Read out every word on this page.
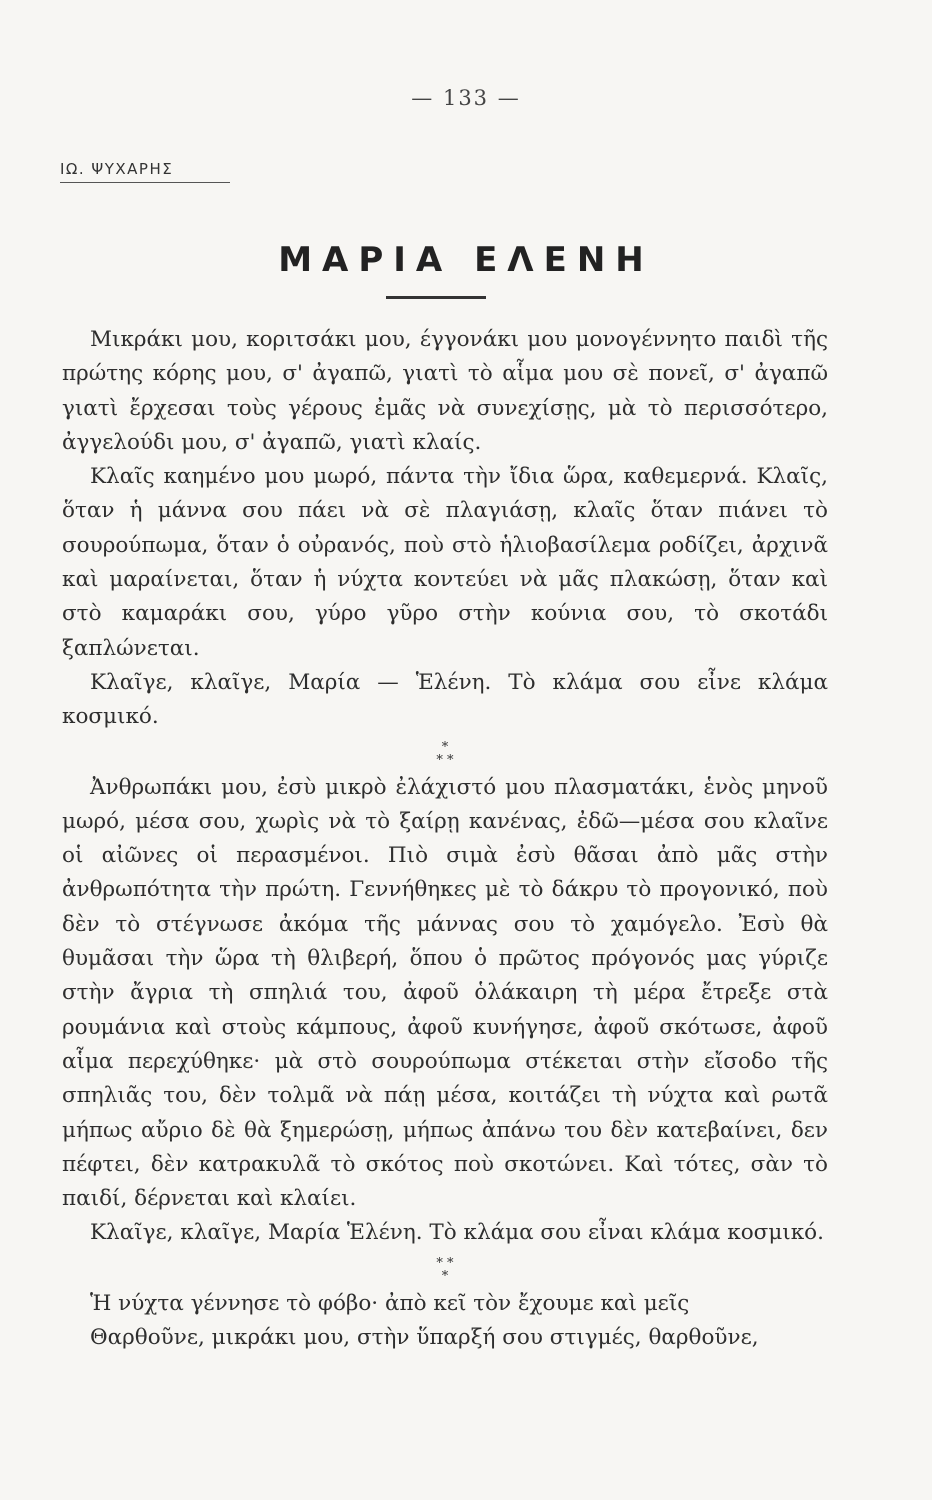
— 133 —
ΙΩ. ΨΥΧΑΡΗΣ
ΜΑΡΙΑ ΕΛΕΝΗ

Μικράκι μου, κοριτσάκι μου, έγγονάκι μου μονογέννητο παιδὶ τῆς πρώτης κόρης μου, σ' ἀγαπῶ, γιατὶ τὸ αἷμα μου σὲ πονεῖ, σ' ἀγαπῶ γιατὶ ἔρχεσαι τοὺς γέρους ἐμᾶς νὰ συνεχίσῃς, μὰ τὸ περισσότερο, ἀγγελούδι μου, σ' ἀγαπῶ, γιατὶ κλαίς.

Κλαῖς καημένο μου μωρό, πάντα τὴν ἴδια ὥρα, καθεμερνά. Κλαῖς, ὅταν ἡ μάννα σου πάει νὰ σὲ πλαγιάσῃ, κλαῖς ὅταν πιάνει τὸ σουρούπωμα, ὅταν ὁ οὐρανός, ποὺ στὸ ἡλιοβασίλεμα ροδίζει, ἀρχινᾶ καὶ μαραίνεται, ὅταν ἡ νύχτα κοντεύει νὰ μᾶς πλακώσῃ, ὅταν καὶ στὸ καμαράκι σου, γύρο γῦρο στὴν κούνια σου, τὸ σκοτάδι ξαπλώνεται.

Κλαῖγε, κλαῖγε, Μαρία — Ἑλένη. Τὸ κλάμα σου εἶνε κλάμα κοσμικό.

*
* *

Ἀνθρωπάκι μου, ἐσὺ μικρὸ ἐλάχιστό μου πλασματάκι, ἑνὸς μηνοῦ μωρό, μέσα σου, χωρὶς νὰ τὸ ξαίρῃ κανένας, ἐδῶ—μέσα σου κλαῖνε οἱ αἰῶνες οἱ περασμένοι. Πιὸ σιμὰ ἐσὺ θᾶσαι ἀπὸ μᾶς στὴν ἀνθρωπότητα τὴν πρώτη. Γεννήθηκες μὲ τὸ δάκρυ τὸ προγονικό, ποὺ δὲν τὸ στέγνωσε ἀκόμα τῆς μάννας σου τὸ χαμόγελο. Ἐσὺ θὰ θυμᾶσαι τὴν ὥρα τὴ θλιβερή, ὅπου ὁ πρῶτος πρόγονός μας γύριζε στὴν ἄγρια τὴ σπηλιά του, ἀφοῦ ὁλάκαιρη τὴ μέρα ἔτρεξε στὰ ρουμάνια καὶ στοὺς κάμπους, ἀφοῦ κυνήγησε, ἀφοῦ σκότωσε, ἀφοῦ αἷμα περεχύθηκε· μὰ στὸ σουρούπωμα στέκεται στὴν εἴσοδο τῆς σπηλιᾶς του, δὲν τολμᾶ νὰ πάῃ μέσα, κοιτάζει τὴ νύχτα καὶ ρωτᾶ μήπως αὔριο δὲ θὰ ξημερώσῃ, μήπως ἀπάνω του δὲν κατεβαίνει, δεν πέφτει, δὲν κατρακυλᾶ τὸ σκότος ποὺ σκοτώνει. Καὶ τότες, σὰν τὸ παιδί, δέρνεται καὶ κλαίει.

Κλαῖγε, κλαῖγε, Μαρία Ἑλένη. Τὸ κλάμα σου εἶναι κλάμα κοσμικό.

* *
*

Ἡ νύχτα γέννησε τὸ φόβο· ἀπὸ κεῖ τὸν ἔχουμε καὶ μεῖς

Θαρθοῦνε, μικράκι μου, στὴν ὕπαρξή σου στιγμές, θαρθοῦνε,
